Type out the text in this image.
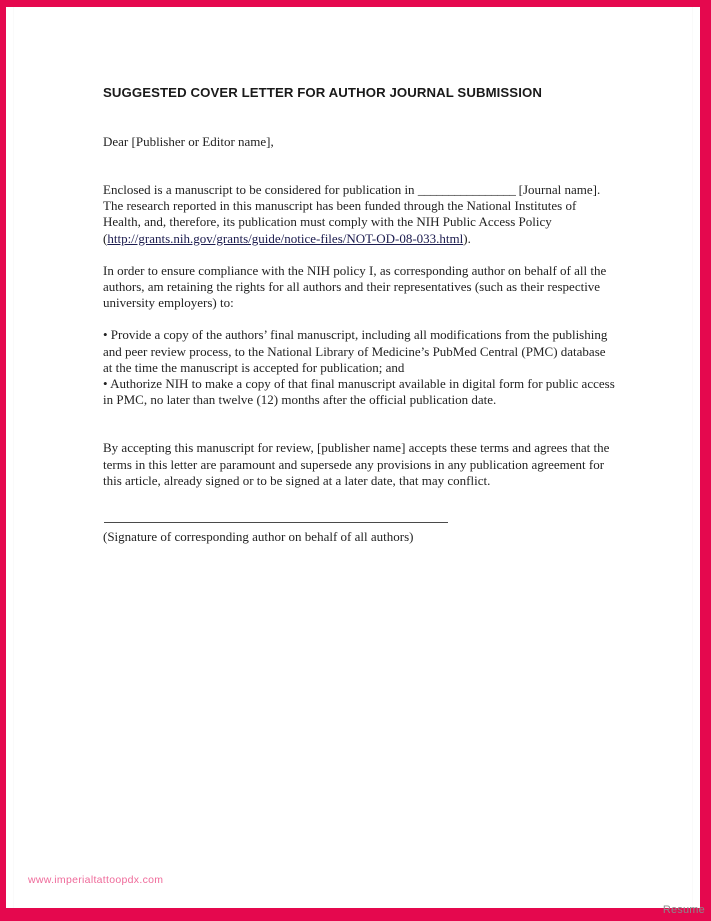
SUGGESTED COVER LETTER FOR AUTHOR JOURNAL SUBMISSION

Dear [Publisher or Editor name],

Enclosed is a manuscript to be considered for publication in ________________ [Journal name]. The research reported in this manuscript has been funded through the National Institutes of Health, and, therefore, its publication must comply with the NIH Public Access Policy (http://grants.nih.gov/grants/guide/notice-files/NOT-OD-08-033.html).

In order to ensure compliance with the NIH policy I, as corresponding author on behalf of all the authors, am retaining the rights for all authors and their representatives (such as their respective university employers) to:

• Provide a copy of the authors’ final manuscript, including all modifications from the publishing and peer review process, to the National Library of Medicine’s PubMed Central (PMC) database at the time the manuscript is accepted for publication; and
• Authorize NIH to make a copy of that final manuscript available in digital form for public access in PMC, no later than twelve (12) months after the official publication date.

By accepting this manuscript for review, [publisher name] accepts these terms and agrees that the terms in this letter are paramount and supersede any provisions in any publication agreement for this article, already signed or to be signed at a later date, that may conflict.

(Signature of corresponding author on behalf of all authors)

www.imperialtattoopdx.com
Resume
